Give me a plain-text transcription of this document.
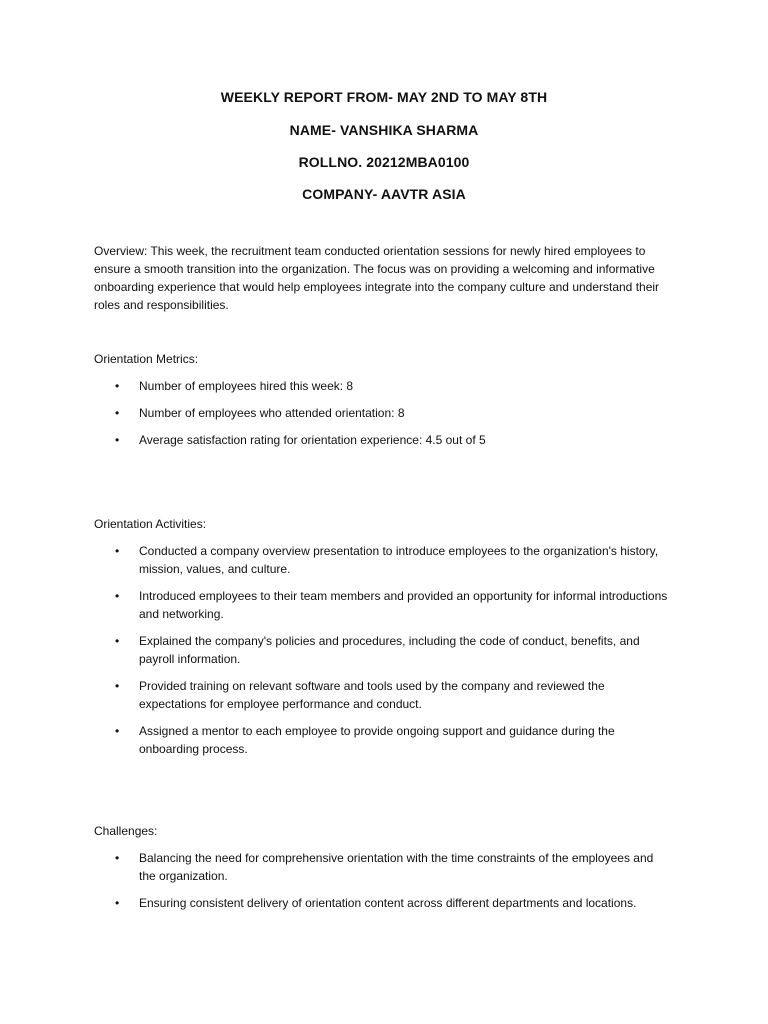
WEEKLY REPORT FROM- MAY 2ND TO MAY 8TH
NAME- VANSHIKA SHARMA
ROLLNO. 20212MBA0100
COMPANY- AAVTR ASIA
Overview: This week, the recruitment team conducted orientation sessions for newly hired employees to ensure a smooth transition into the organization. The focus was on providing a welcoming and informative onboarding experience that would help employees integrate into the company culture and understand their roles and responsibilities.
Orientation Metrics:
• Number of employees hired this week: 8
• Number of employees who attended orientation: 8
• Average satisfaction rating for orientation experience: 4.5 out of 5
Orientation Activities:
• Conducted a company overview presentation to introduce employees to the organization's history, mission, values, and culture.
• Introduced employees to their team members and provided an opportunity for informal introductions and networking.
• Explained the company's policies and procedures, including the code of conduct, benefits, and payroll information.
• Provided training on relevant software and tools used by the company and reviewed the expectations for employee performance and conduct.
• Assigned a mentor to each employee to provide ongoing support and guidance during the onboarding process.
Challenges:
• Balancing the need for comprehensive orientation with the time constraints of the employees and the organization.
• Ensuring consistent delivery of orientation content across different departments and locations.
